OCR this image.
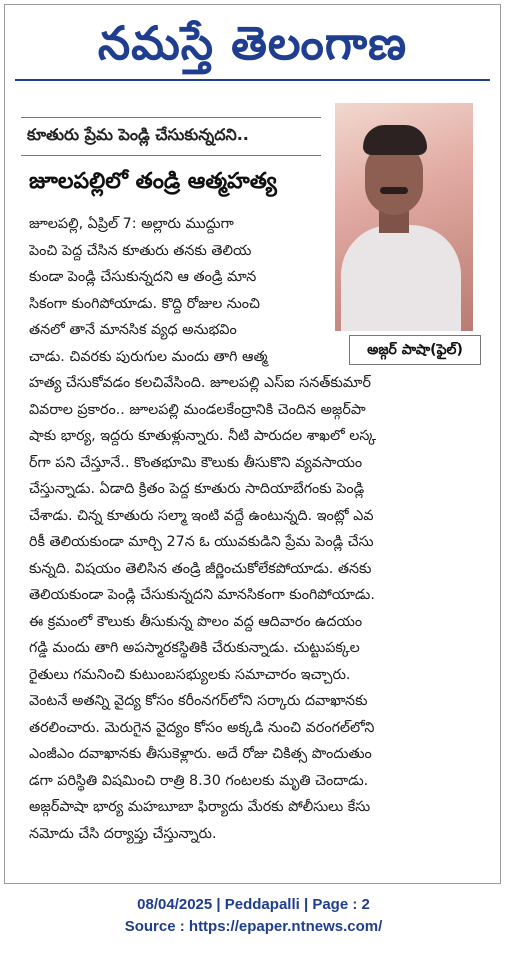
నమస్తే తెలంగాణ
కూతురు ప్రేమ పెండ్లి చేసుకున్నదని..
జూలపల్లిలో తండ్రి ఆత్మహత్య
అజ్గర్ పాషా(ఫైల్)
జూలపల్లి, ఏప్రిల్ 7: అల్లారు ముద్దుగా
పెంచి పెద్ద చేసిన కూతురు తనకు తెలియ
కుండా పెండ్లి చేసుకున్నదని ఆ తండ్రి మాన
సికంగా కుంగిపోయాడు. కొద్ది రోజుల నుంచి
తనలో తానే మానసిక వ్యధ అనుభవిం
చాడు. చివరకు పురుగుల మందు తాగి ఆత్మ
హత్య చేసుకోవడం కలచివేసింది. జూలపల్లి ఎస్ఐ సనత్‌కుమార్
వివరాల ప్రకారం.. జూలపల్లి మండలకేంద్రానికి చెందిన అజ్గర్‌పా
షాకు భార్య, ఇద్దరు కూతుళ్లున్నారు. నీటి పారుదల శాఖలో లస్క
ర్‌గా పని చేస్తూనే.. కొంతభూమి కౌలుకు తీసుకొని వ్యవసాయం
చేస్తున్నాడు. ఏడాది క్రితం పెద్ద కూతురు సాదియాబేగంకు పెండ్లి
చేశాడు. చిన్న కూతురు సల్మా ఇంటి వద్దే ఉంటున్నది. ఇంట్లో ఎవ
రికీ తెలియకుండా మార్చి 27న ఓ యువకుడిని ప్రేమ పెండ్లి చేసు
కున్నది. విషయం తెలిసిన తండ్రి జీర్ణించుకోలేకపోయాడు. తనకు
తెలియకుండా పెండ్లి చేసుకున్నదని మానసికంగా కుంగిపోయాడు.
ఈ క్రమంలో కౌలుకు తీసుకున్న పొలం వద్ద ఆదివారం ఉదయం
గడ్డి మందు తాగి అపస్మారకస్థితికి చేరుకున్నాడు. చుట్టుపక్కల
రైతులు గమనించి కుటుంబసభ్యులకు సమాచారం ఇచ్చారు.
వెంటనే అతన్ని వైద్య కోసం కరీంనగర్‌లోని సర్కారు దవాఖానకు
తరలించారు. మెరుగైన వైద్యం కోసం అక్కడి నుంచి వరంగల్‌లోని
ఎంజీఎం దవాఖానకు తీసుకెళ్లారు. అదే రోజు చికిత్స పొందుతుం
డగా పరిస్థితి విషమించి రాత్రి 8.30 గంటలకు మృతి చెందాడు.
అజ్గర్‌పాషా భార్య మహబూబా ఫిర్యాదు మేరకు పోలీసులు కేసు
నమోదు చేసి దర్యాప్తు చేస్తున్నారు.
08/04/2025 | Peddapalli | Page : 2
Source : https://epaper.ntnews.com/
